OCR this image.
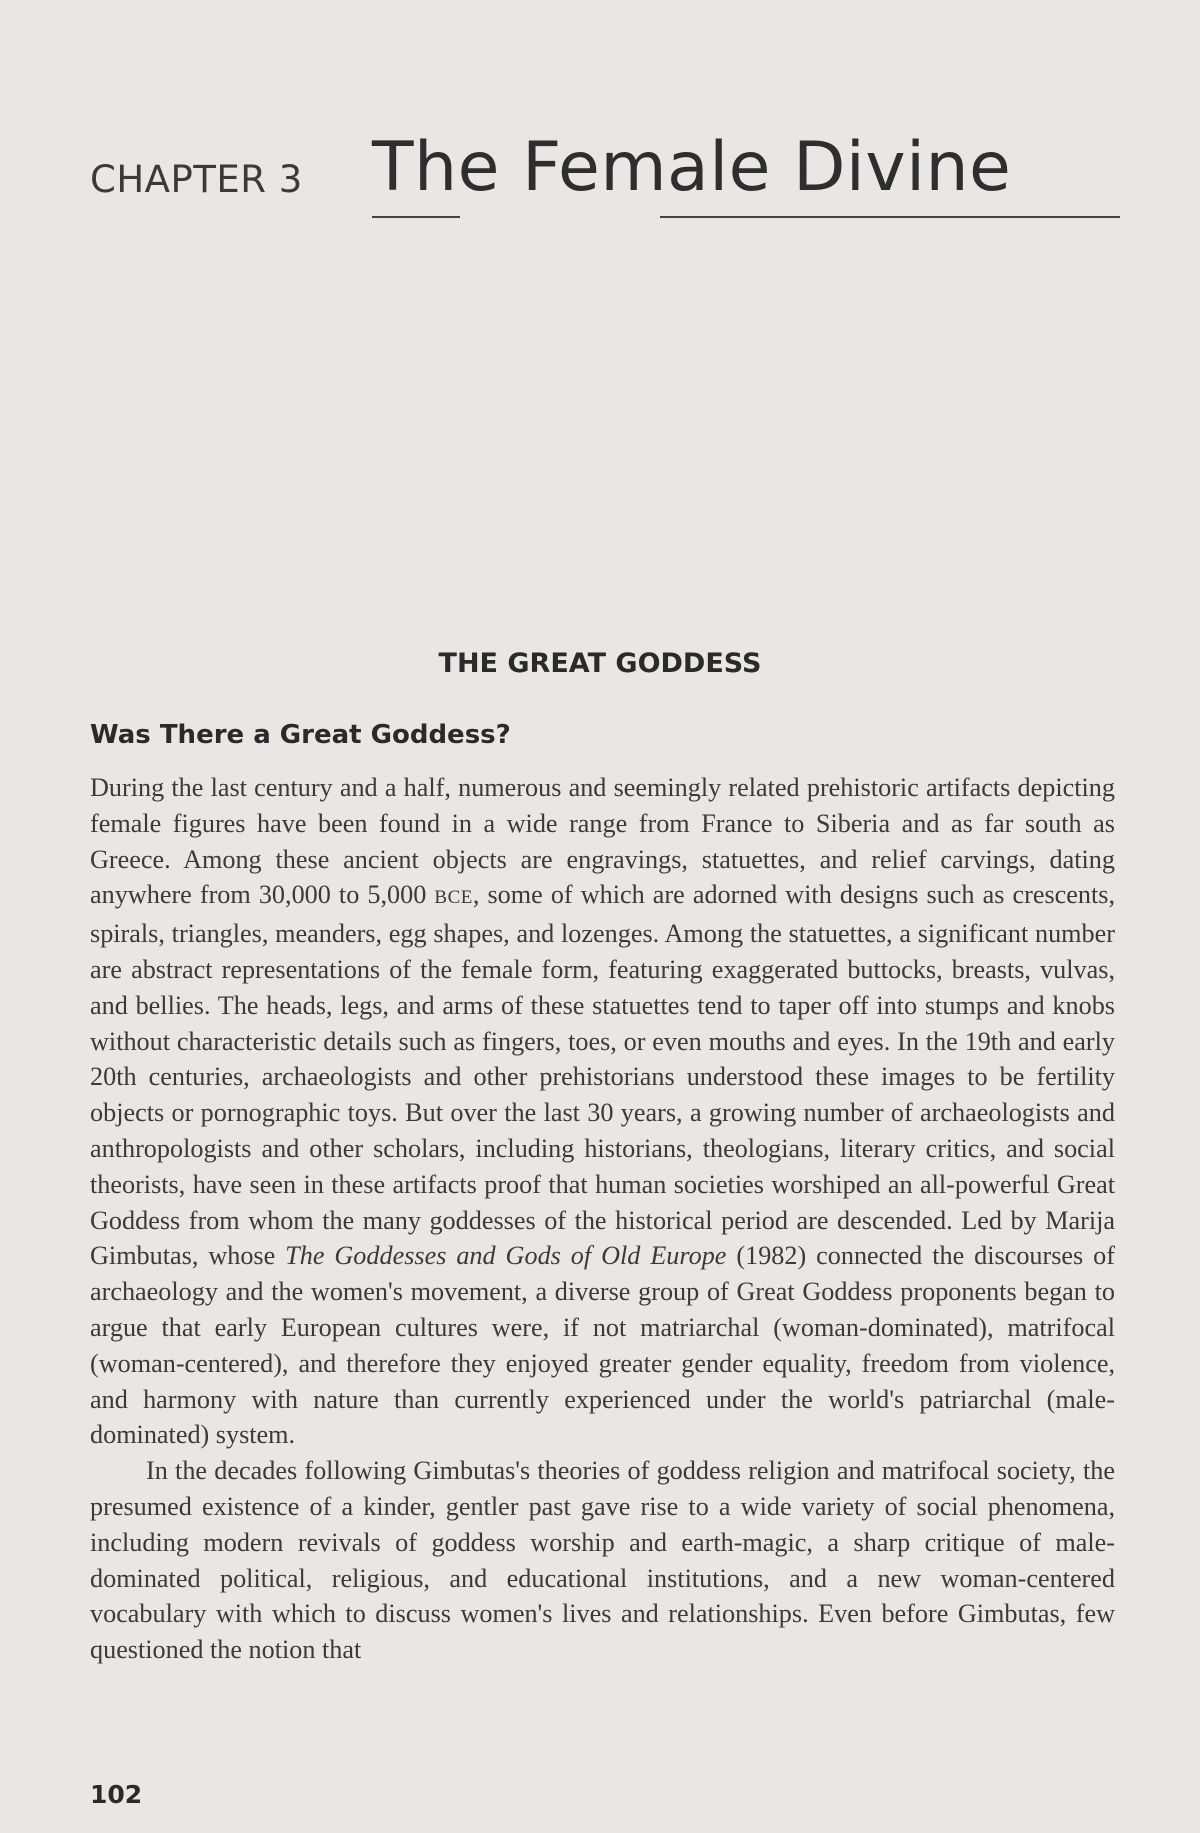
CHAPTER 3 The Female Divine
THE GREAT GODDESS
Was There a Great Goddess?

During the last century and a half, numerous and seemingly related prehistoric artifacts depicting female figures have been found in a wide range from France to Siberia and as far south as Greece. Among these ancient objects are engravings, statuettes, and relief carvings, dating anywhere from 30,000 to 5,000 BCE, some of which are adorned with designs such as crescents, spirals, triangles, meanders, egg shapes, and lozenges. Among the statuettes, a significant number are abstract representations of the female form, featuring exaggerated buttocks, breasts, vulvas, and bellies. The heads, legs, and arms of these statuettes tend to taper off into stumps and knobs without characteristic details such as fingers, toes, or even mouths and eyes. In the 19th and early 20th centuries, archaeologists and other prehistorians understood these images to be fertility objects or pornographic toys. But over the last 30 years, a growing number of archaeologists and anthropologists and other scholars, including historians, theologians, literary critics, and social theorists, have seen in these artifacts proof that human societies worshiped an all-powerful Great Goddess from whom the many goddesses of the historical period are descended. Led by Marija Gimbutas, whose The Goddesses and Gods of Old Europe (1982) connected the discourses of archaeology and the women's movement, a diverse group of Great Goddess proponents began to argue that early European cultures were, if not matriarchal (woman-dominated), matrifocal (woman-centered), and therefore they enjoyed greater gender equality, freedom from violence, and harmony with nature than currently experienced under the world's patriarchal (male-dominated) system.

In the decades following Gimbutas's theories of goddess religion and matrifocal society, the presumed existence of a kinder, gentler past gave rise to a wide variety of social phenomena, including modern revivals of goddess worship and earth-magic, a sharp critique of male-dominated political, religious, and educational institutions, and a new woman-centered vocabulary with which to discuss women's lives and relationships. Even before Gimbutas, few questioned the notion that

102
